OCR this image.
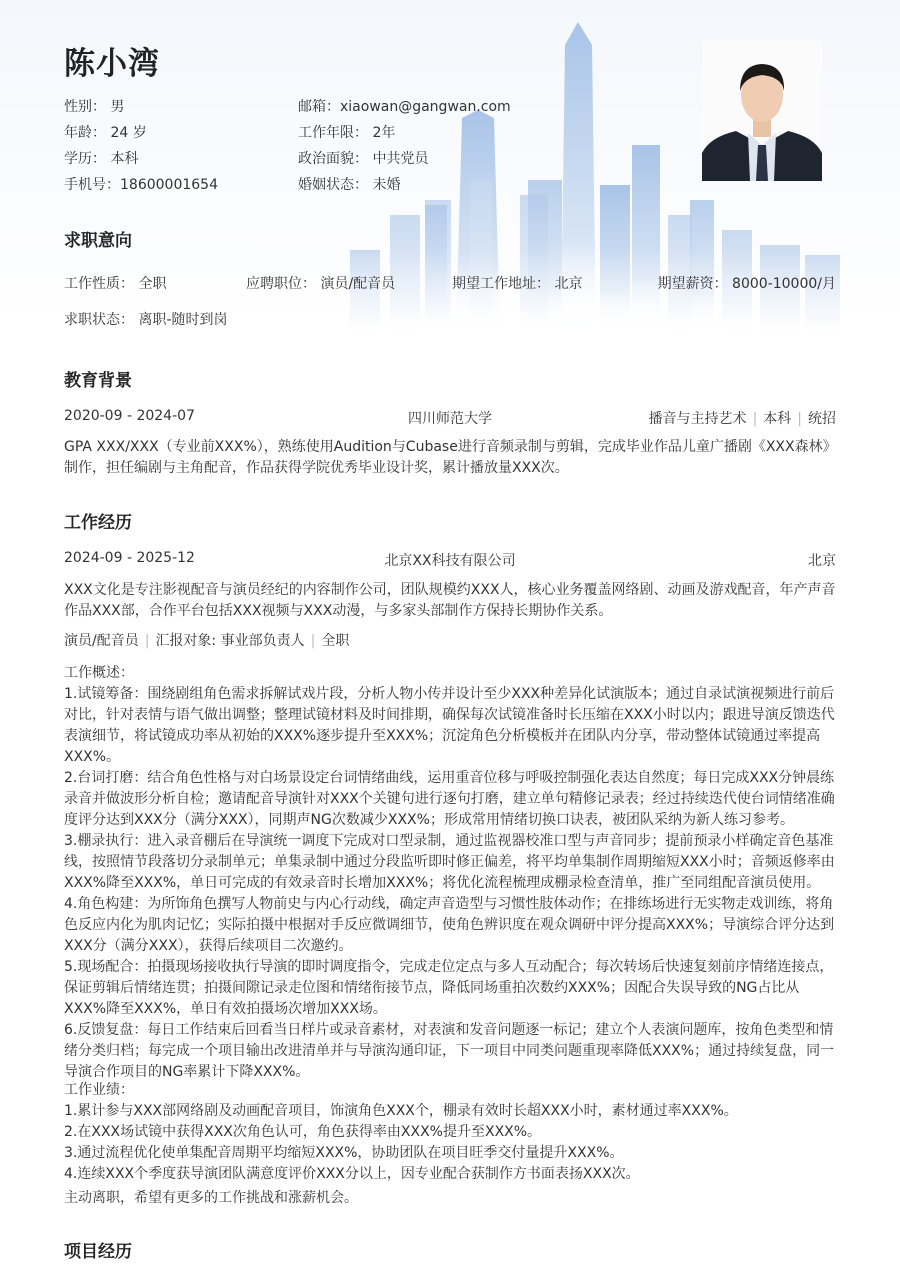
陈小湾
性别： 男	邮箱：xiaowan@gangwan.com
年龄： 24 岁	工作年限： 2年
学历： 本科	政治面貌： 中共党员
手机号：18600001654	婚姻状态： 未婚
求职意向
工作性质： 全职	应聘职位： 演员/配音员	期望工作地址： 北京	期望薪资： 8000-10000/月
求职状态： 离职-随时到岗
教育背景
2020-09 - 2024-07	四川师范大学	播音与主持艺术 | 本科 | 统招

GPA XXX/XXX（专业前XXX%），熟练使用Audition与Cubase进行音频录制与剪辑，完成毕业作品儿童广播剧《XXX森林》制作，担任编剧与主角配音，作品获得学院优秀毕业设计奖，累计播放量XXX次。

工作经历
2024-09 - 2025-12	北京XX科技有限公司	北京

XXX文化是专注影视配音与演员经纪的内容制作公司，团队规模约XXX人，核心业务覆盖网络剧、动画及游戏配音，年产声音作品XXX部，合作平台包括XXX视频与XXX动漫，与多家头部制作方保持长期协作关系。

演员/配音员 | 汇报对象: 事业部负责人 | 全职
工作概述：
1.试镜筹备：围绕剧组角色需求拆解试戏片段，分析人物小传并设计至少XXX种差异化试演版本；通过自录试演视频进行前后对比，针对表情与语气做出调整；整理试镜材料及时间排期，确保每次试镜准备时长压缩在XXX小时以内；跟进导演反馈迭代表演细节，将试镜成功率从初始的XXX%逐步提升至XXX%；沉淀角色分析模板并在团队内分享，带动整体试镜通过率提高XXX%。
2.台词打磨：结合角色性格与对白场景设定台词情绪曲线，运用重音位移与呼吸控制强化表达自然度；每日完成XXX分钟晨练录音并做波形分析自检；邀请配音导演针对XXX个关键句进行逐句打磨，建立单句精修记录表；经过持续迭代使台词情绪准确度评分达到XXX分（满分XXX），同期声NG次数减少XXX%；形成常用情绪切换口诀表，被团队采纳为新人练习参考。
3.棚录执行：进入录音棚后在导演统一调度下完成对口型录制，通过监视器校准口型与声音同步；提前预录小样确定音色基准线，按照情节段落切分录制单元；单集录制中通过分段监听即时修正偏差，将平均单集制作周期缩短XXX小时；音频返修率由XXX%降至XXX%，单日可完成的有效录音时长增加XXX%；将优化流程梳理成棚录检查清单，推广至同组配音演员使用。
4.角色构建：为所饰角色撰写人物前史与内心行动线，确定声音造型与习惯性肢体动作；在排练场进行无实物走戏训练，将角色反应内化为肌肉记忆；实际拍摄中根据对手反应微调细节，使角色辨识度在观众调研中评分提高XXX%；导演综合评分达到XXX分（满分XXX），获得后续项目二次邀约。
5.现场配合：拍摄现场接收执行导演的即时调度指令，完成走位定点与多人互动配合；每次转场后快速复刻前序情绪连接点，保证剪辑后情绪连贯；拍摄间隙记录走位图和情绪衔接节点，降低同场重拍次数约XXX%；因配合失误导致的NG占比从XXX%降至XXX%，单日有效拍摄场次增加XXX场。
6.反馈复盘：每日工作结束后回看当日样片或录音素材，对表演和发音问题逐一标记；建立个人表演问题库，按角色类型和情绪分类归档；每完成一个项目输出改进清单并与导演沟通印证，下一项目中同类问题重现率降低XXX%；通过持续复盘，同一导演合作项目的NG率累计下降XXX%。
工作业绩：
1.累计参与XXX部网络剧及动画配音项目，饰演角色XXX个，棚录有效时长超XXX小时，素材通过率XXX%。
2.在XXX场试镜中获得XXX次角色认可，角色获得率由XXX%提升至XXX%。
3.通过流程优化使单集配音周期平均缩短XXX%，协助团队在项目旺季交付量提升XXX%。
4.连续XXX个季度获导演团队满意度评价XXX分以上，因专业配合获制作方书面表扬XXX次。
主动离职，希望有更多的工作挑战和涨薪机会。
项目经历
